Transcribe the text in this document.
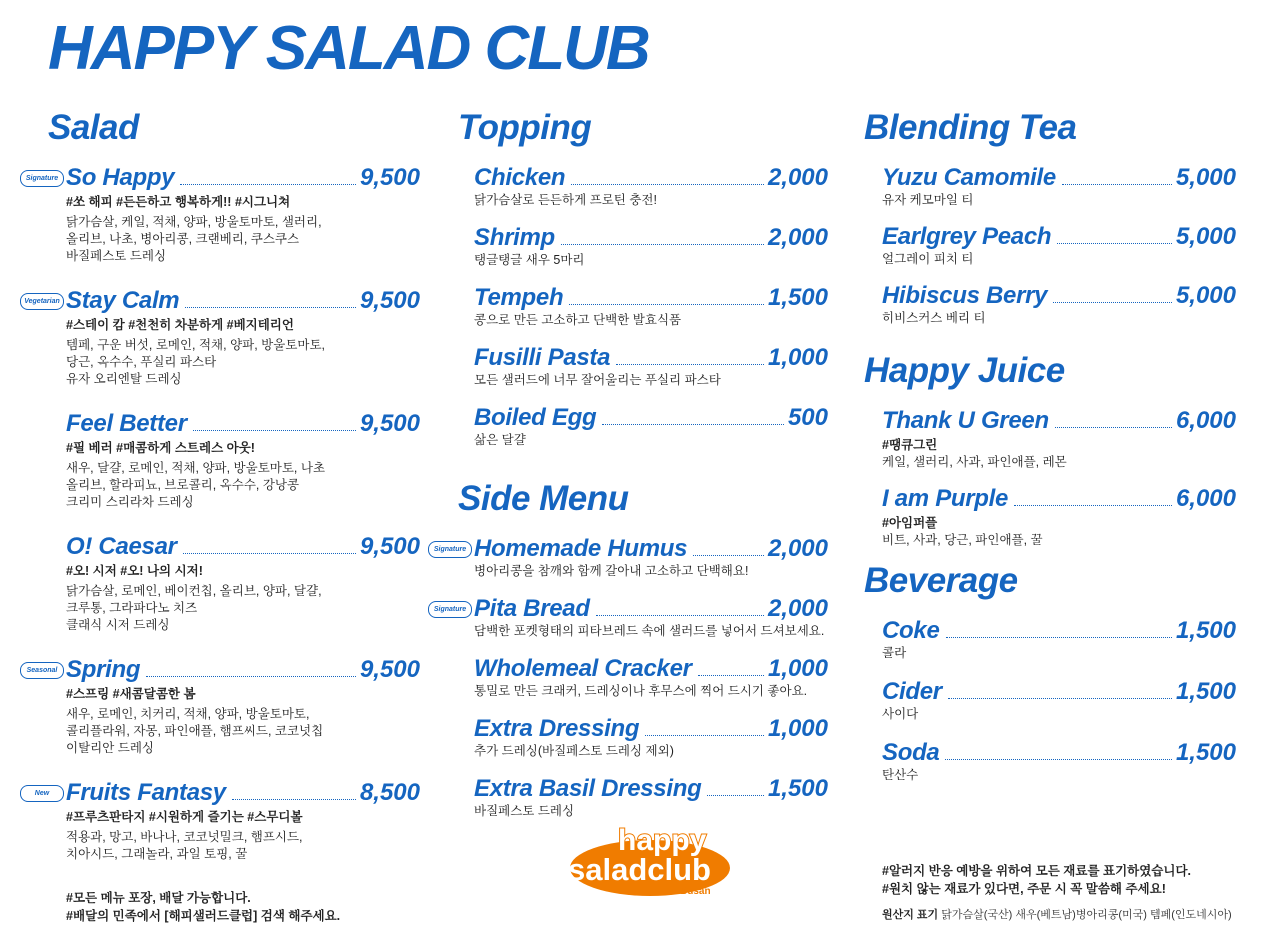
HAPPY SALAD CLUB
Salad
Signature So Happy	9,500
#쏘 해피 #든든하고 행복하게!! #시그니쳐
닭가슴살, 케일, 적채, 양파, 방울토마토, 샐러리,
올리브, 나초, 병아리콩, 크랜베리, 쿠스쿠스
바질페스토 드레싱
Vegetarian Stay Calm	9,500
#스테이 캄 #천천히 차분하게 #베지테리언
템페, 구운 버섯, 로메인, 적채, 양파, 방울토마토,
당근, 옥수수, 푸실리 파스타
유자 오리엔탈 드레싱
Feel Better	9,500
#필 베러 #매콤하게 스트레스 아웃!
새우, 달걀, 로메인, 적채, 양파, 방울토마토, 나초
올리브, 할라피뇨, 브로콜리, 옥수수, 강낭콩
크리미 스리라차 드레싱
O! Caesar	9,500
#오! 시저 #오! 나의 시저!
닭가슴살, 로메인, 베이컨칩, 올리브, 양파, 달걀,
크루통, 그라파다노 치즈
클래식 시저 드레싱
Seasonal Spring	9,500
#스프링 #새콤달콤한 봄
새우, 로메인, 치커리, 적채, 양파, 방울토마토,
콜리플라워, 자몽, 파인애플, 햄프씨드, 코코넛칩
이탈리안 드레싱
New Fruits Fantasy	8,500
#프루츠판타지 #시원하게 즐기는 #스무디볼
적용과, 망고, 바나나, 코코넛밀크, 햄프시드,
치아시드, 그래놀라, 과일 토핑, 꿀
#모든 메뉴 포장, 배달 가능합니다.
#배달의 민족에서 [해피샐러드클럽] 검색 해주세요.
Topping
Chicken	2,000
닭가슴살로 든든하게 프로틴 충전!
Shrimp	2,000
탱글탱글 새우 5마리
Tempeh	1,500
콩으로 만든 고소하고 단백한 발효식품
Fusilli Pasta	1,000
모든 샐러드에 너무 잘어울리는 푸실리 파스타
Boiled Egg	500
삶은 달걀
Side Menu
Signature Homemade Humus	2,000
병아리콩을 참깨와 함께 갈아내 고소하고 단백해요!
Signature Pita Bread	2,000
담백한 포켓형태의 피타브레드 속에 샐러드를 넣어서 드셔보세요.
Wholemeal Cracker	1,000
통밀로 만든 크래커, 드레싱이나 후무스에 찍어 드시기 좋아요.
Extra Dressing	1,000
추가 드레싱(바질페스토 드레싱 제외)
Extra Basil Dressing	1,500
바질페스토 드레싱
Blending Tea
Yuzu Camomile	5,000
유자 케모마일 티
Earlgrey Peach	5,000
얼그레이 피치 티
Hibiscus Berry	5,000
히비스커스 베리 티
Happy Juice
Thank U Green	6,000
#땡큐그린
케일, 샐러리, 사과, 파인애플, 레몬
I am Purple	6,000
#아임퍼플
비트, 사과, 당근, 파인애플, 꿀
Beverage
Coke	1,500
콜라
Cider	1,500
사이다
Soda	1,500
탄산수
#알러지 반응 예방을 위하여 모든 재료를 표기하였습니다.
#원치 않는 재료가 있다면, 주문 시 꼭 말씀해 주세요!
원산지 표기 닭가슴살(국산) 새우(베트남)병아리콩(미국) 템페(인도네시아)
happy
saladclub
Busan
